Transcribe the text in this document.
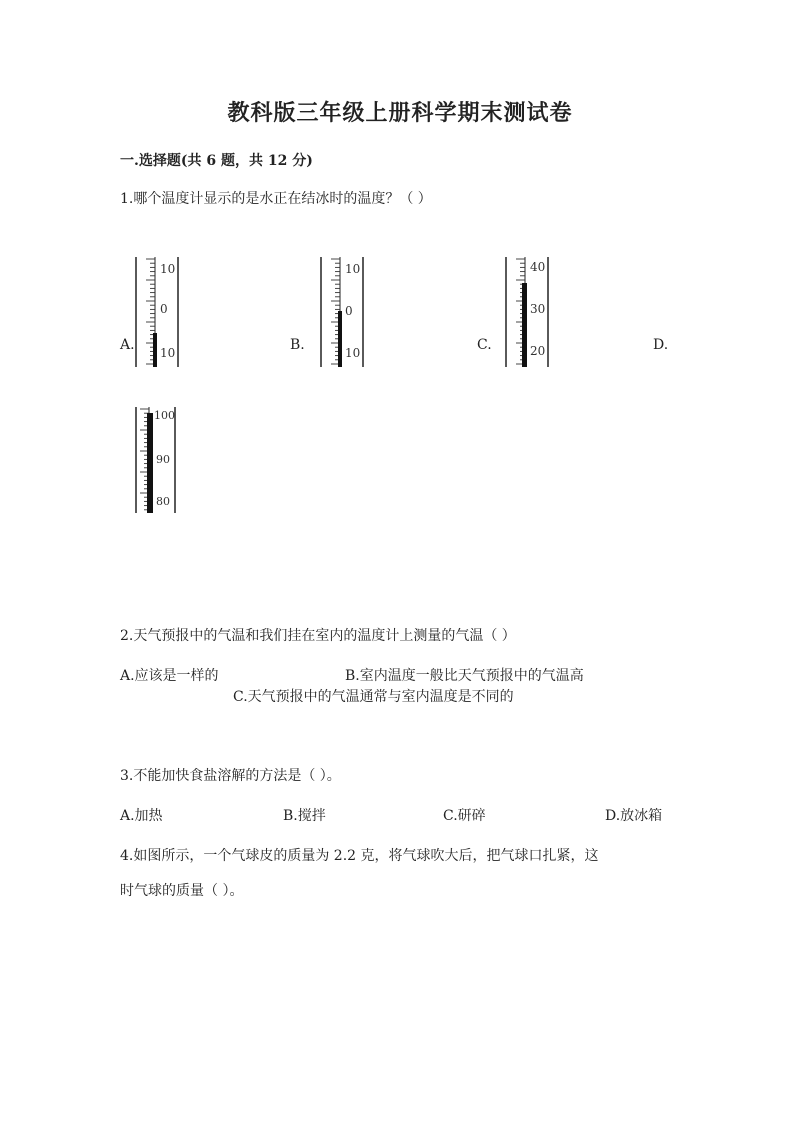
教科版三年级上册科学期末测试卷
一.选择题(共 6 题，共 12 分)
1.哪个温度计显示的是水正在结冰时的温度？（ ）
A.	B.	C.	D.
10
0
10
10
0
10
40
30
20
100
90
80
2.天气预报中的气温和我们挂在室内的温度计上测量的气温（ ）
A.应该是一样的	B.室内温度一般比天气预报中的气温高
C.天气预报中的气温通常与室内温度是不同的
3.不能加快食盐溶解的方法是（ ）。
A.加热	B.搅拌	C.研碎	D.放冰箱
4.如图所示，一个气球皮的质量为 2.2 克，将气球吹大后，把气球口扎紧，这
时气球的质量（ ）。
